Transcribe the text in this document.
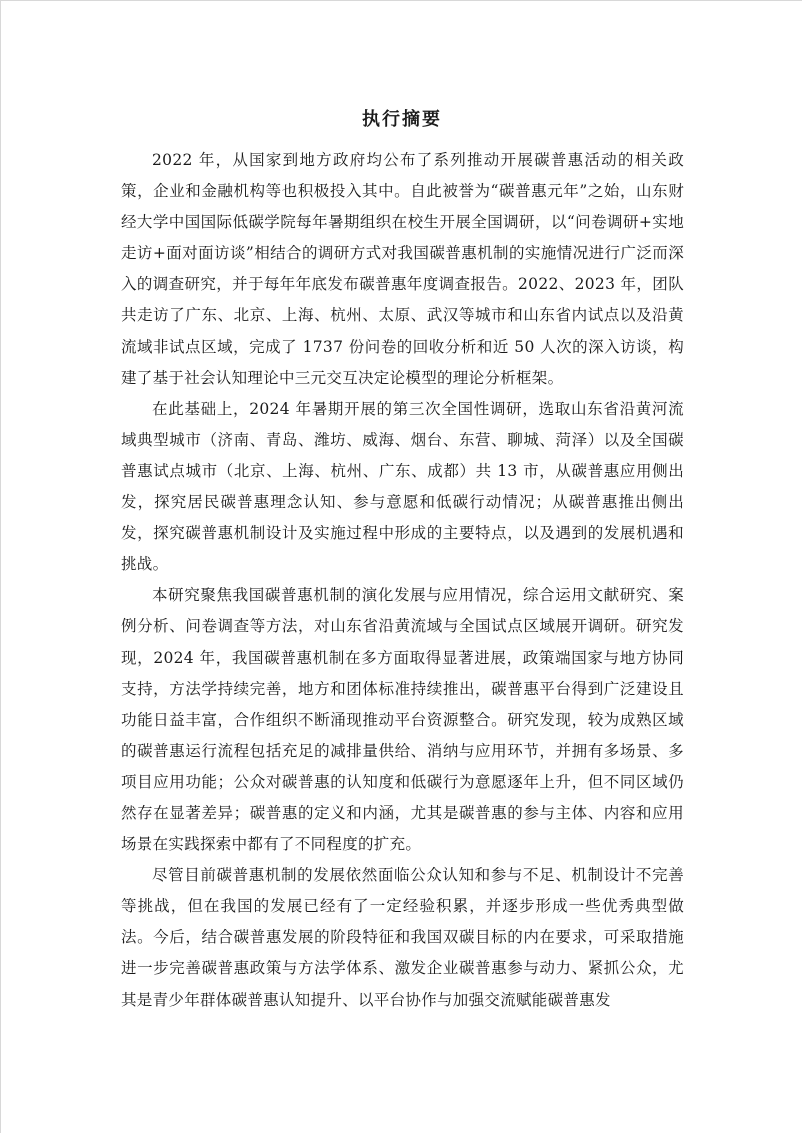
执行摘要

2022 年，从国家到地方政府均公布了系列推动开展碳普惠活动的相关政策，企业和金融机构等也积极投入其中。自此被誉为“碳普惠元年”之始，山东财经大学中国国际低碳学院每年暑期组织在校生开展全国调研，以“问卷调研+实地走访+面对面访谈”相结合的调研方式对我国碳普惠机制的实施情况进行广泛而深入的调查研究，并于每年年底发布碳普惠年度调查报告。2022、2023 年，团队共走访了广东、北京、上海、杭州、太原、武汉等城市和山东省内试点以及沿黄流域非试点区域，完成了 1737 份问卷的回收分析和近 50 人次的深入访谈，构建了基于社会认知理论中三元交互决定论模型的理论分析框架。

在此基础上，2024 年暑期开展的第三次全国性调研，选取山东省沿黄河流域典型城市（济南、青岛、潍坊、威海、烟台、东营、聊城、菏泽）以及全国碳普惠试点城市（北京、上海、杭州、广东、成都）共 13 市，从碳普惠应用侧出发，探究居民碳普惠理念认知、参与意愿和低碳行动情况；从碳普惠推出侧出发，探究碳普惠机制设计及实施过程中形成的主要特点，以及遇到的发展机遇和挑战。

本研究聚焦我国碳普惠机制的演化发展与应用情况，综合运用文献研究、案例分析、问卷调查等方法，对山东省沿黄流域与全国试点区域展开调研。研究发现，2024 年，我国碳普惠机制在多方面取得显著进展，政策端国家与地方协同支持，方法学持续完善，地方和团体标准持续推出，碳普惠平台得到广泛建设且功能日益丰富，合作组织不断涌现推动平台资源整合。研究发现，较为成熟区域的碳普惠运行流程包括充足的减排量供给、消纳与应用环节，并拥有多场景、多项目应用功能；公众对碳普惠的认知度和低碳行为意愿逐年上升，但不同区域仍然存在显著差异；碳普惠的定义和内涵，尤其是碳普惠的参与主体、内容和应用场景在实践探索中都有了不同程度的扩充。

尽管目前碳普惠机制的发展依然面临公众认知和参与不足、机制设计不完善等挑战，但在我国的发展已经有了一定经验积累，并逐步形成一些优秀典型做法。今后，结合碳普惠发展的阶段特征和我国双碳目标的内在要求，可采取措施进一步完善碳普惠政策与方法学体系、激发企业碳普惠参与动力、紧抓公众，尤其是青少年群体碳普惠认知提升、以平台协作与加强交流赋能碳普惠发
